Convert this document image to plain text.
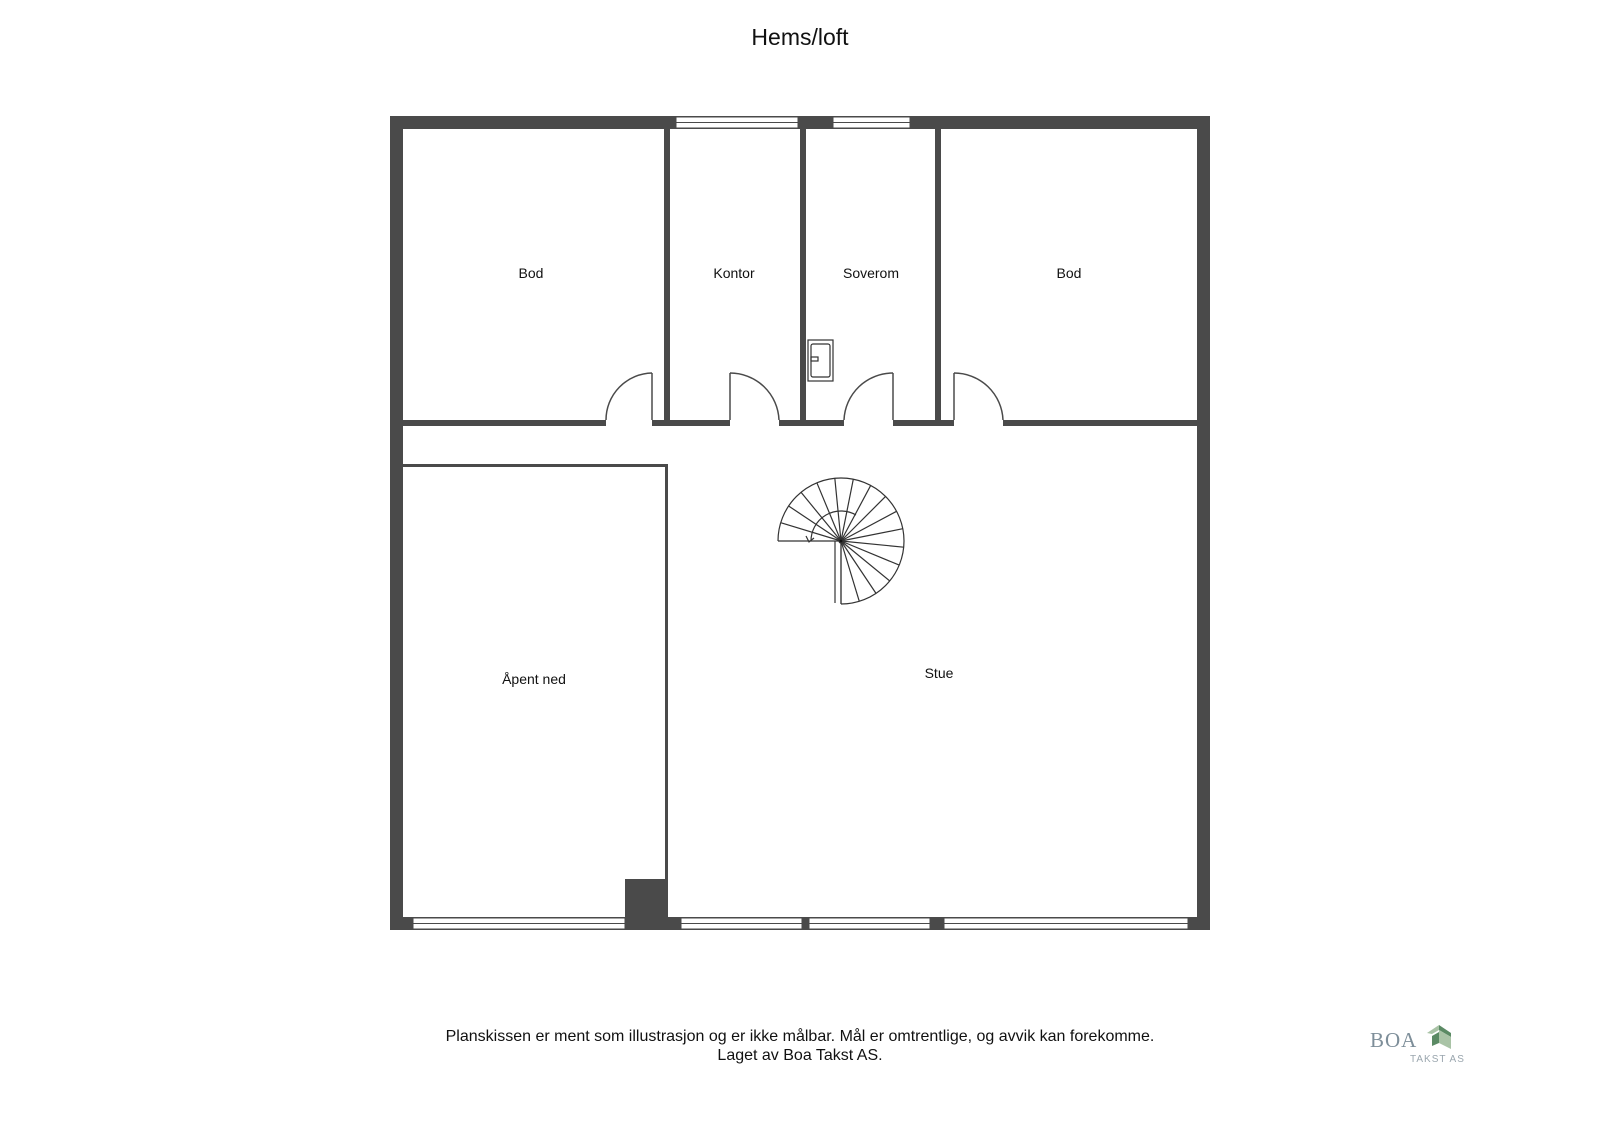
Hems/loft
Bod	Kontor	Soverom	Bod
Åpent ned	Stue
Planskissen er ment som illustrasjon og er ikke målbar. Mål er omtrentlige, og avvik kan forekomme.
Laget av Boa Takst AS.
BOA
TAKST AS
